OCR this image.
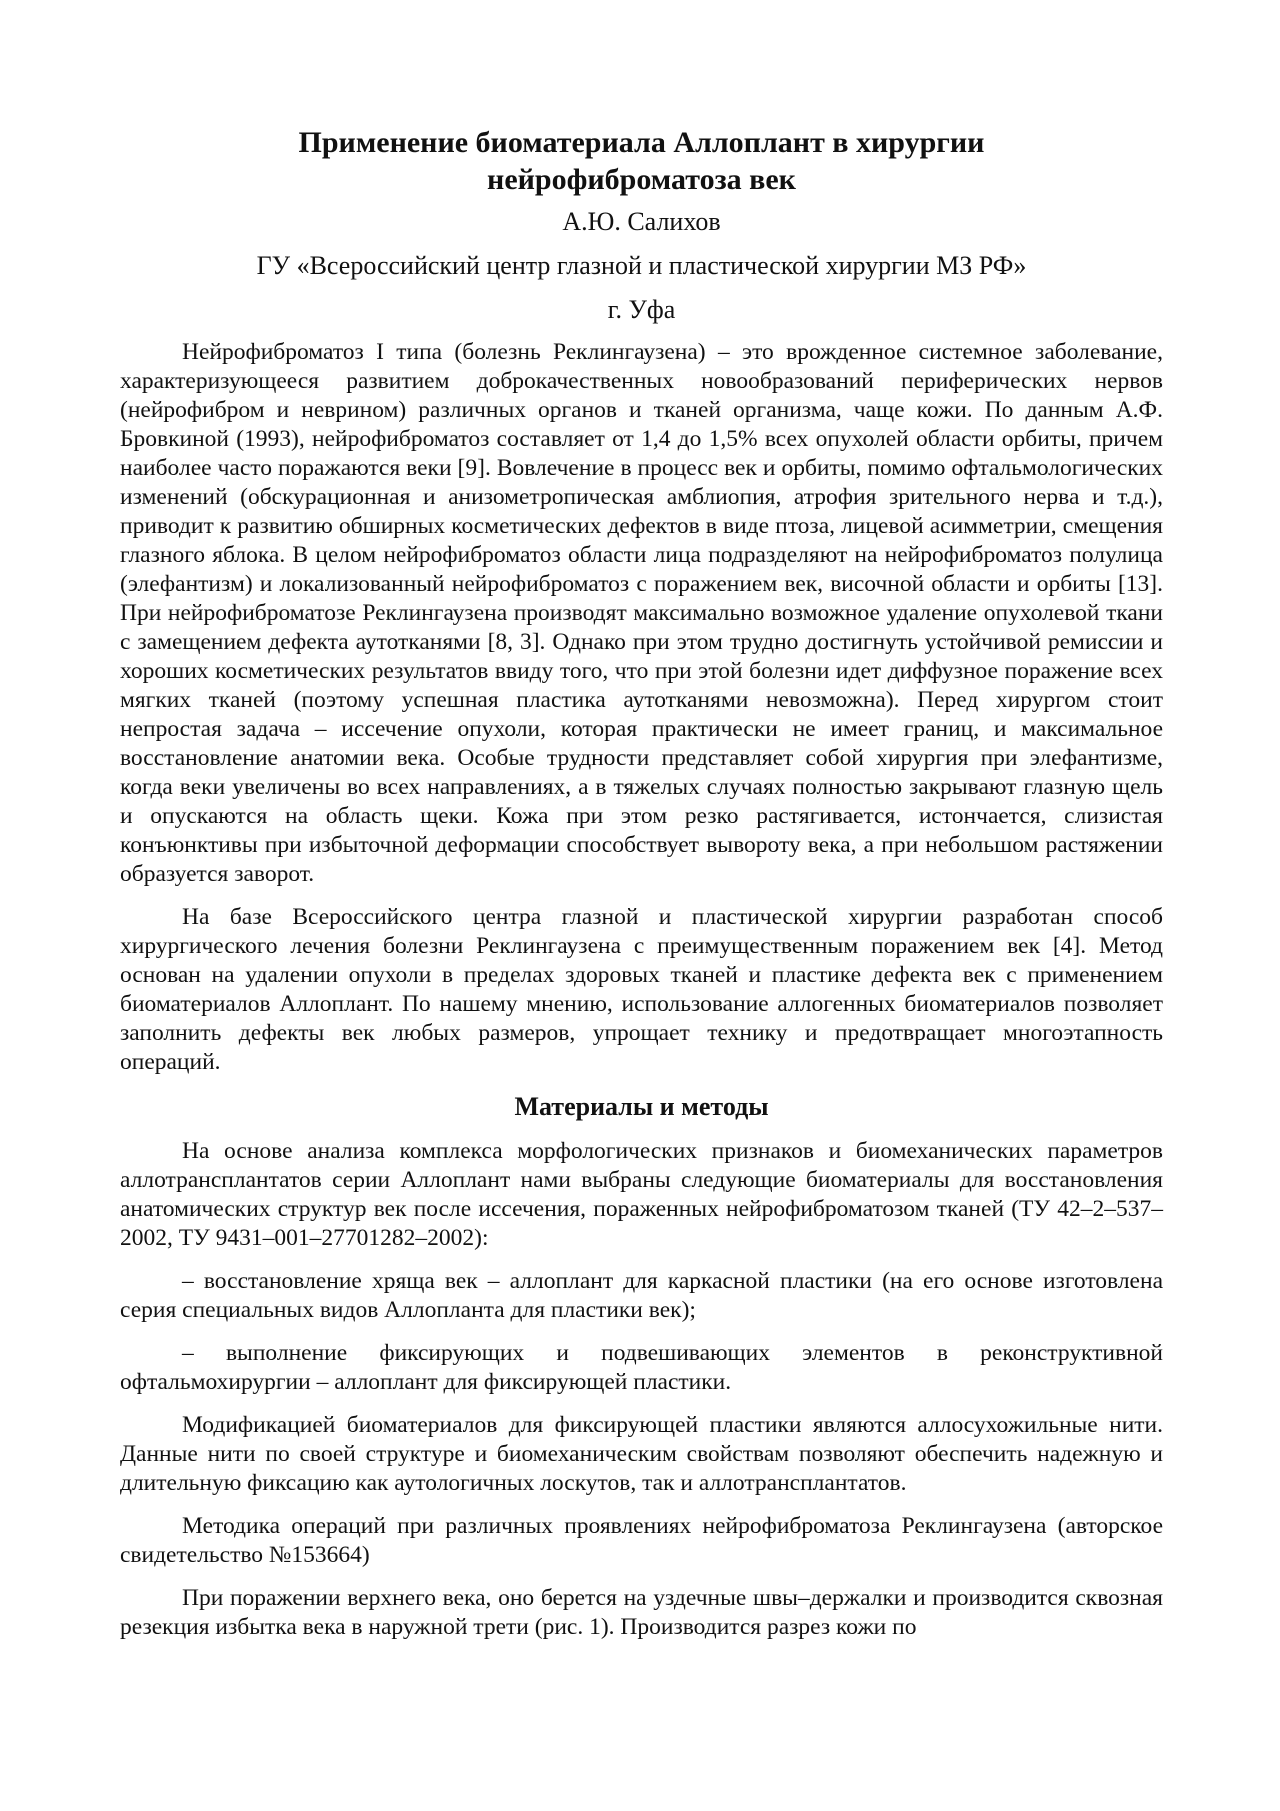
Применение биоматериала Аллоплант в хирургии
нейрофиброматоза век
А.Ю. Салихов
ГУ «Всероссийский центр глазной и пластической хирургии МЗ РФ»
г. Уфа

Нейрофиброматоз I типа (болезнь Реклингаузена) – это врожденное системное заболевание, характеризующееся развитием доброкачественных новообразований периферических нервов (нейрофибром и неврином) различных органов и тканей организма, чаще кожи. По данным А.Ф. Бровкиной (1993), нейрофиброматоз составляет от 1,4 до 1,5% всех опухолей области орбиты, причем наиболее часто поражаются веки [9]. Вовлечение в процесс век и орбиты, помимо офтальмологических изменений (обскурационная и анизометропическая амблиопия, атрофия зрительного нерва и т.д.), приводит к развитию обширных косметических дефектов в виде птоза, лицевой асимметрии, смещения глазного яблока. В целом нейрофиброматоз области лица подразделяют на нейрофиброматоз полулица (элефантизм) и локализованный нейрофиброматоз с поражением век, височной области и орбиты [13]. При нейрофиброматозе Реклингаузена производят максимально возможное удаление опухолевой ткани с замещением дефекта аутотканями [8, 3]. Однако при этом трудно достигнуть устойчивой ремиссии и хороших косметических результатов ввиду того, что при этой болезни идет диффузное поражение всех мягких тканей (поэтому успешная пластика аутотканями невозможна). Перед хирургом стоит непростая задача – иссечение опухоли, которая практически не имеет границ, и максимальное восстановление анатомии века. Особые трудности представляет собой хирургия при элефантизме, когда веки увеличены во всех направлениях, а в тяжелых случаях полностью закрывают глазную щель и опускаются на область щеки. Кожа при этом резко растягивается, истончается, слизистая конъюнктивы при избыточной деформации способствует вывороту века, а при небольшом растяжении образуется заворот.

На базе Всероссийского центра глазной и пластической хирургии разработан способ хирургического лечения болезни Реклингаузена с преимущественным поражением век [4]. Метод основан на удалении опухоли в пределах здоровых тканей и пластике дефекта век с применением биоматериалов Аллоплант. По нашему мнению, использование аллогенных биоматериалов позволяет заполнить дефекты век любых размеров, упрощает технику и предотвращает многоэтапность операций.

Материалы и методы

На основе анализа комплекса морфологических признаков и биомеханических параметров аллотрансплантатов серии Аллоплант нами выбраны следующие биоматериалы для восстановления анатомических структур век после иссечения, пораженных нейрофиброматозом тканей (ТУ 42–2–537–2002, ТУ 9431–001–27701282–2002):

– восстановление хряща век – аллоплант для каркасной пластики (на его основе изготовлена серия специальных видов Аллопланта для пластики век);
– выполнение фиксирующих и подвешивающих элементов в реконструктивной офтальмохирургии – аллоплант для фиксирующей пластики.

Модификацией биоматериалов для фиксирующей пластики являются аллосухожильные нити. Данные нити по своей структуре и биомеханическим свойствам позволяют обеспечить надежную и длительную фиксацию как аутологичных лоскутов, так и аллотрансплантатов.

Методика операций при различных проявлениях нейрофиброматоза Реклингаузена (авторское свидетельство №153664)

При поражении верхнего века, оно берется на уздечные швы–держалки и производится сквозная резекция избытка века в наружной трети (рис. 1). Производится разрез кожи по
